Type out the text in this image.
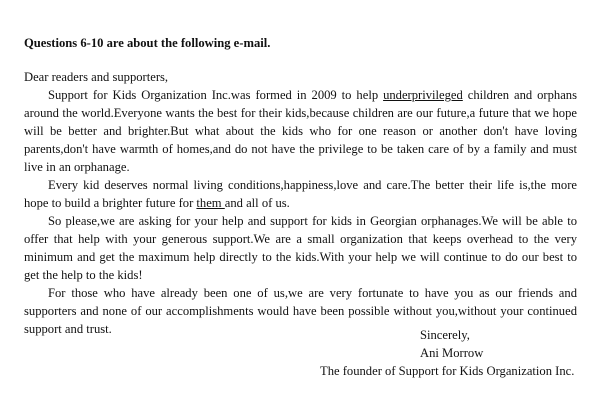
Questions 6-10 are about the following e-mail.

Dear readers and supporters,

Support for Kids Organization Inc.was formed in 2009 to help underprivileged children and orphans around the world.Everyone wants the best for their kids,because children are our future,a future that we hope will be better and brighter.But what about the kids who for one reason or another don't have loving parents,don't have warmth of homes,and do not have the privilege to be taken care of by a family and must live in an orphanage.

Every kid deserves normal living conditions,happiness,love and care.The better their life is,the more hope to build a brighter future for them and all of us.

So please,we are asking for your help and support for kids in Georgian orphanages.We will be able to offer that help with your generous support.We are a small organization that keeps overhead to the very minimum and get the maximum help directly to the kids.With your help we will continue to do our best to get the help to the kids!

For those who have already been one of us,we are very fortunate to have you as our friends and supporters and none of our accomplishments would have been possible without you,without your continued support and trust.	Sincerely,
Ani Morrow
The founder of Support for Kids Organization Inc.
